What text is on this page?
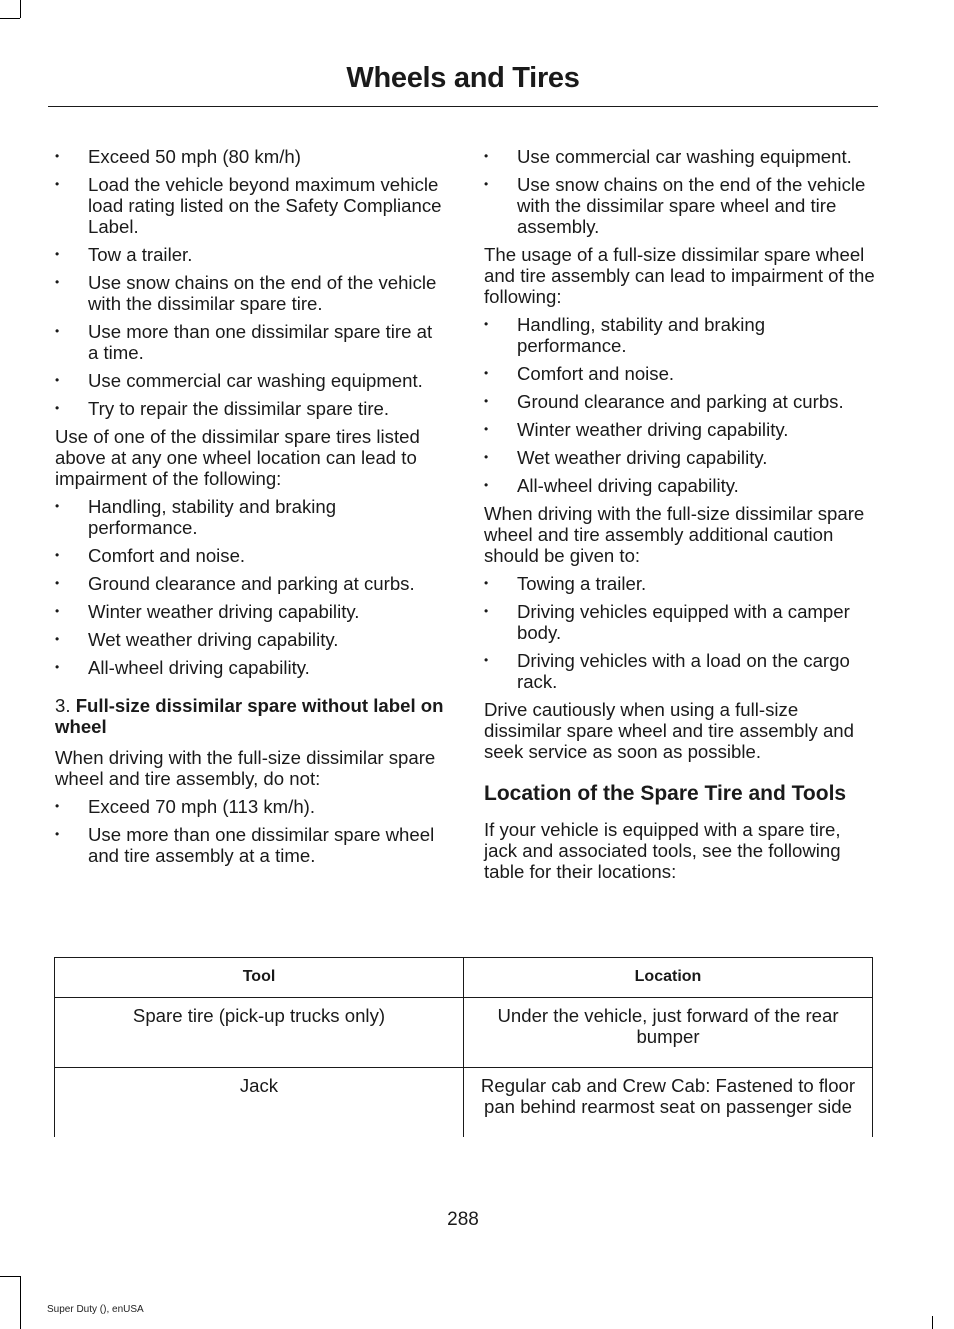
Wheels and Tires
• Exceed 50 mph (80 km/h)
• Load the vehicle beyond maximum vehicle load rating listed on the Safety Compliance Label.
• Tow a trailer.
• Use snow chains on the end of the vehicle with the dissimilar spare tire.
• Use more than one dissimilar spare tire at a time.
• Use commercial car washing equipment.
• Try to repair the dissimilar spare tire.

Use of one of the dissimilar spare tires listed above at any one wheel location can lead to impairment of the following:

• Handling, stability and braking performance.
• Comfort and noise.
• Ground clearance and parking at curbs.
• Winter weather driving capability.
• Wet weather driving capability.
• All-wheel driving capability.
3. Full-size dissimilar spare without label on wheel

When driving with the full-size dissimilar spare wheel and tire assembly, do not:

• Exceed 70 mph (113 km/h).
• Use more than one dissimilar spare wheel and tire assembly at a time.
• Use commercial car washing equipment.
• Use snow chains on the end of the vehicle with the dissimilar spare wheel and tire assembly.

The usage of a full-size dissimilar spare wheel and tire assembly can lead to impairment of the following:

• Handling, stability and braking performance.
• Comfort and noise.
• Ground clearance and parking at curbs.
• Winter weather driving capability.
• Wet weather driving capability.
• All-wheel driving capability.

When driving with the full-size dissimilar spare wheel and tire assembly additional caution should be given to:

• Towing a trailer.
• Driving vehicles equipped with a camper body.
• Driving vehicles with a load on the cargo rack.

Drive cautiously when using a full-size dissimilar spare wheel and tire assembly and seek service as soon as possible.

Location of the Spare Tire and Tools

If your vehicle is equipped with a spare tire, jack and associated tools, see the following table for their locations:

Tool	Location
Spare tire (pick-up trucks only)	Under the vehicle, just forward of the rear bumper
Jack	Regular cab and Crew Cab: Fastened to floor pan behind rearmost seat on passenger side
288
Super Duty (), enUSA
